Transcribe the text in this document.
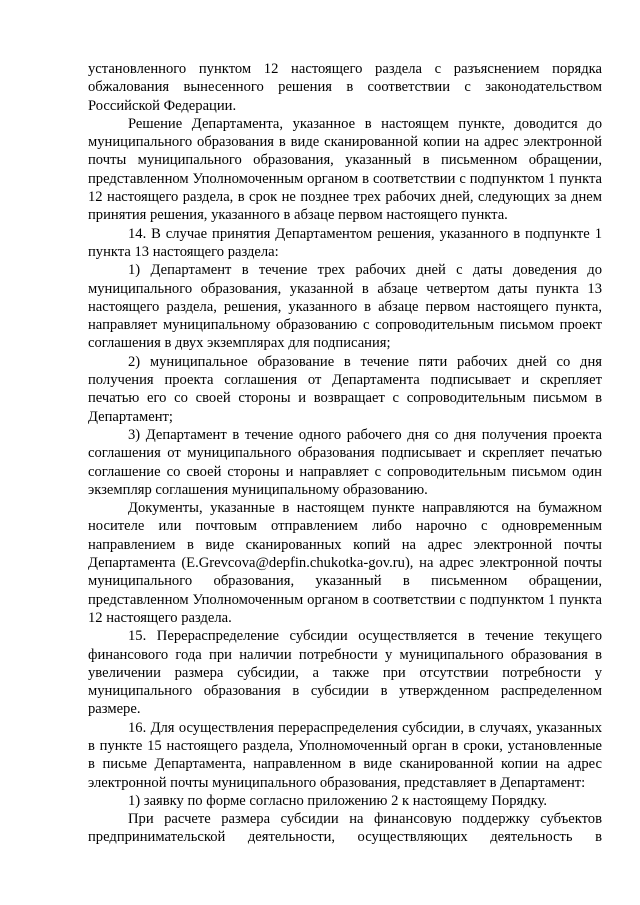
установленного пунктом 12 настоящего раздела с разъяснением порядка обжалования вынесенного решения в соответствии с законодательством Российской Федерации.

Решение Департамента, указанное в настоящем пункте, доводится до муниципального образования в виде сканированной копии на адрес электронной почты муниципального образования, указанный в письменном обращении, представленном Уполномоченным органом в соответствии с подпунктом 1 пункта 12 настоящего раздела, в срок не позднее трех рабочих дней, следующих за днем принятия решения, указанного в абзаце первом настоящего пункта.

14. В случае принятия Департаментом решения, указанного в подпункте 1 пункта 13 настоящего раздела:

1) Департамент в течение трех рабочих дней с даты доведения до муниципального образования, указанной в абзаце четвертом даты пункта 13 настоящего раздела, решения, указанного в абзаце первом настоящего пункта, направляет муниципальному образованию с сопроводительным письмом проект соглашения в двух экземплярах для подписания;

2) муниципальное образование в течение пяти рабочих дней со дня получения проекта соглашения от Департамента подписывает и скрепляет печатью его со своей стороны и возвращает с сопроводительным письмом в Департамент;

3) Департамент в течение одного рабочего дня со дня получения проекта соглашения от муниципального образования подписывает и скрепляет печатью соглашение со своей стороны и направляет с сопроводительным письмом один экземпляр соглашения муниципальному образованию.

Документы, указанные в настоящем пункте направляются на бумажном носителе или почтовым отправлением либо нарочно с одновременным направлением в виде сканированных копий на адрес электронной почты Департамента (E.Grevcova@depfin.chukotka-gov.ru), на адрес электронной почты муниципального образования, указанный в письменном обращении, представленном Уполномоченным органом в соответствии с подпунктом 1 пункта 12 настоящего раздела.

15. Перераспределение субсидии осуществляется в течение текущего финансового года при наличии потребности у муниципального образования в увеличении размера субсидии, а также при отсутствии потребности у муниципального образования в субсидии в утвержденном распределенном размере.

16. Для осуществления перераспределения субсидии, в случаях, указанных в пункте 15 настоящего раздела, Уполномоченный орган в сроки, установленные в письме Департамента, направленном в виде сканированной копии на адрес электронной почты муниципального образования, представляет в Департамент:

1) заявку по форме согласно приложению 2 к настоящему Порядку.

При расчете размера субсидии на финансовую поддержку субъектов предпринимательской деятельности, осуществляющих деятельность в
